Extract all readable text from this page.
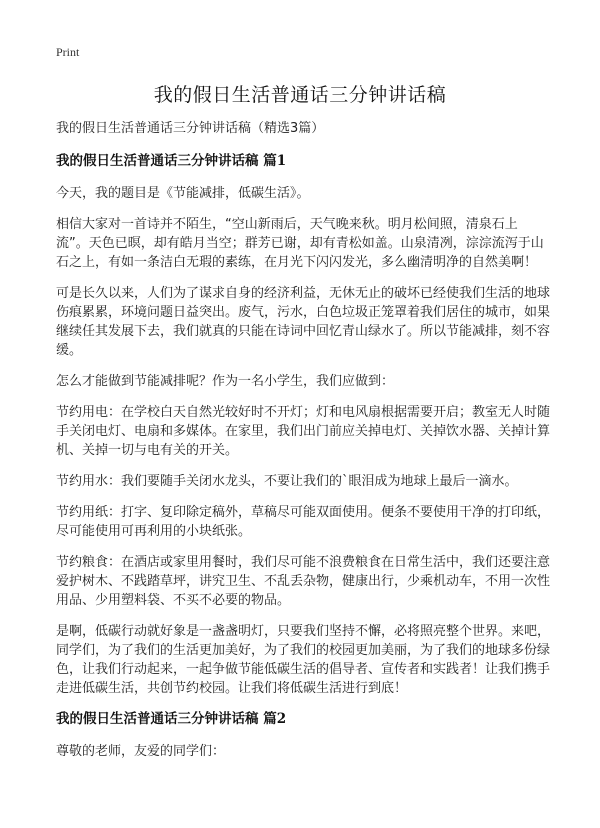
Print
我的假日生活普通话三分钟讲话稿

我的假日生活普通话三分钟讲话稿（精选3篇）

我的假日生活普通话三分钟讲话稿 篇1

今天，我的题目是《节能减排，低碳生活》。

相信大家对一首诗并不陌生，“空山新雨后，天气晚来秋。明月松间照，清泉石上流”。天色已暝，却有皓月当空；群芳已谢，却有青松如盖。山泉清冽，淙淙流泻于山石之上，有如一条洁白无瑕的素练，在月光下闪闪发光，多么幽清明净的自然美啊！

可是长久以来，人们为了谋求自身的经济利益，无休无止的破坏已经使我们生活的地球伤痕累累，环境问题日益突出。废气，污水，白色垃圾正笼罩着我们居住的城市，如果继续任其发展下去，我们就真的只能在诗词中回忆青山绿水了。所以节能减排，刻不容缓。

怎么才能做到节能减排呢？作为一名小学生，我们应做到：

节约用电：在学校白天自然光较好时不开灯；灯和电风扇根据需要开启；教室无人时随手关闭电灯、电扇和多媒体。在家里，我们出门前应关掉电灯、关掉饮水器、关掉计算机、关掉一切与电有关的开关。

节约用水：我们要随手关闭水龙头，不要让我们的`眼泪成为地球上最后一滴水。

节约用纸：打字、复印除定稿外，草稿尽可能双面使用。便条不要使用干净的打印纸，尽可能使用可再利用的小块纸张。

节约粮食：在酒店或家里用餐时，我们尽可能不浪费粮食在日常生活中，我们还要注意爱护树木、不践踏草坪，讲究卫生、不乱丢杂物，健康出行，少乘机动车，不用一次性用品、少用塑料袋、不买不必要的物品。

是啊，低碳行动就好象是一盏盏明灯，只要我们坚持不懈，必将照亮整个世界。来吧，同学们，为了我们的生活更加美好，为了我们的校园更加美丽，为了我们的地球多份绿色，让我们行动起来，一起争做节能低碳生活的倡导者、宣传者和实践者！让我们携手走进低碳生活，共创节约校园。让我们将低碳生活进行到底！

我的假日生活普通话三分钟讲话稿 篇2

尊敬的老师，友爱的同学们：
